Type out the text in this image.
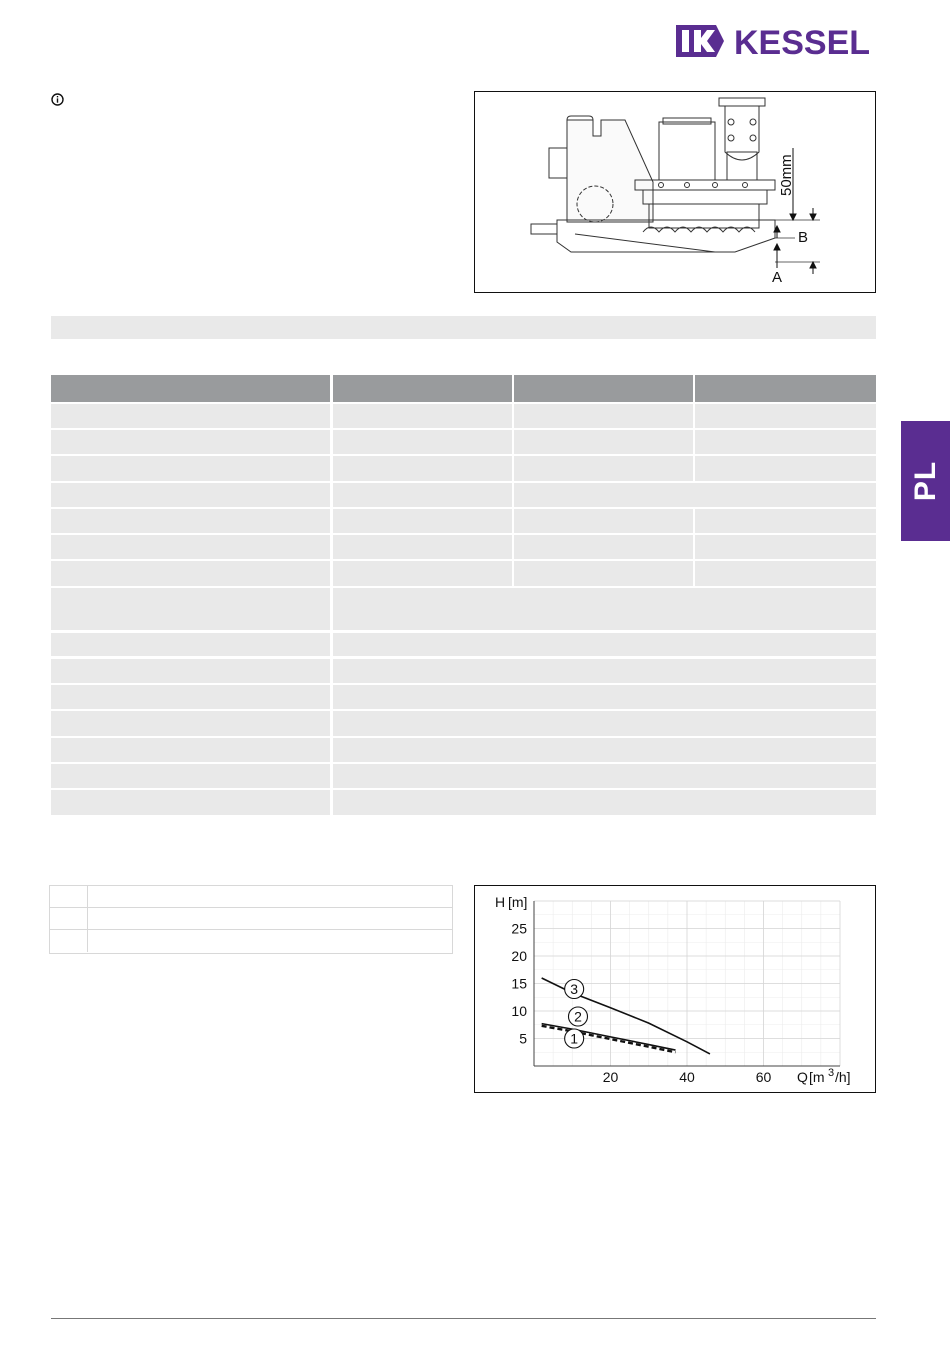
KESSEL
50mm
A
B
PL
20	40	60
5
10
15
20
25
1
2
3
H [m]
Q [m 3 /h]
